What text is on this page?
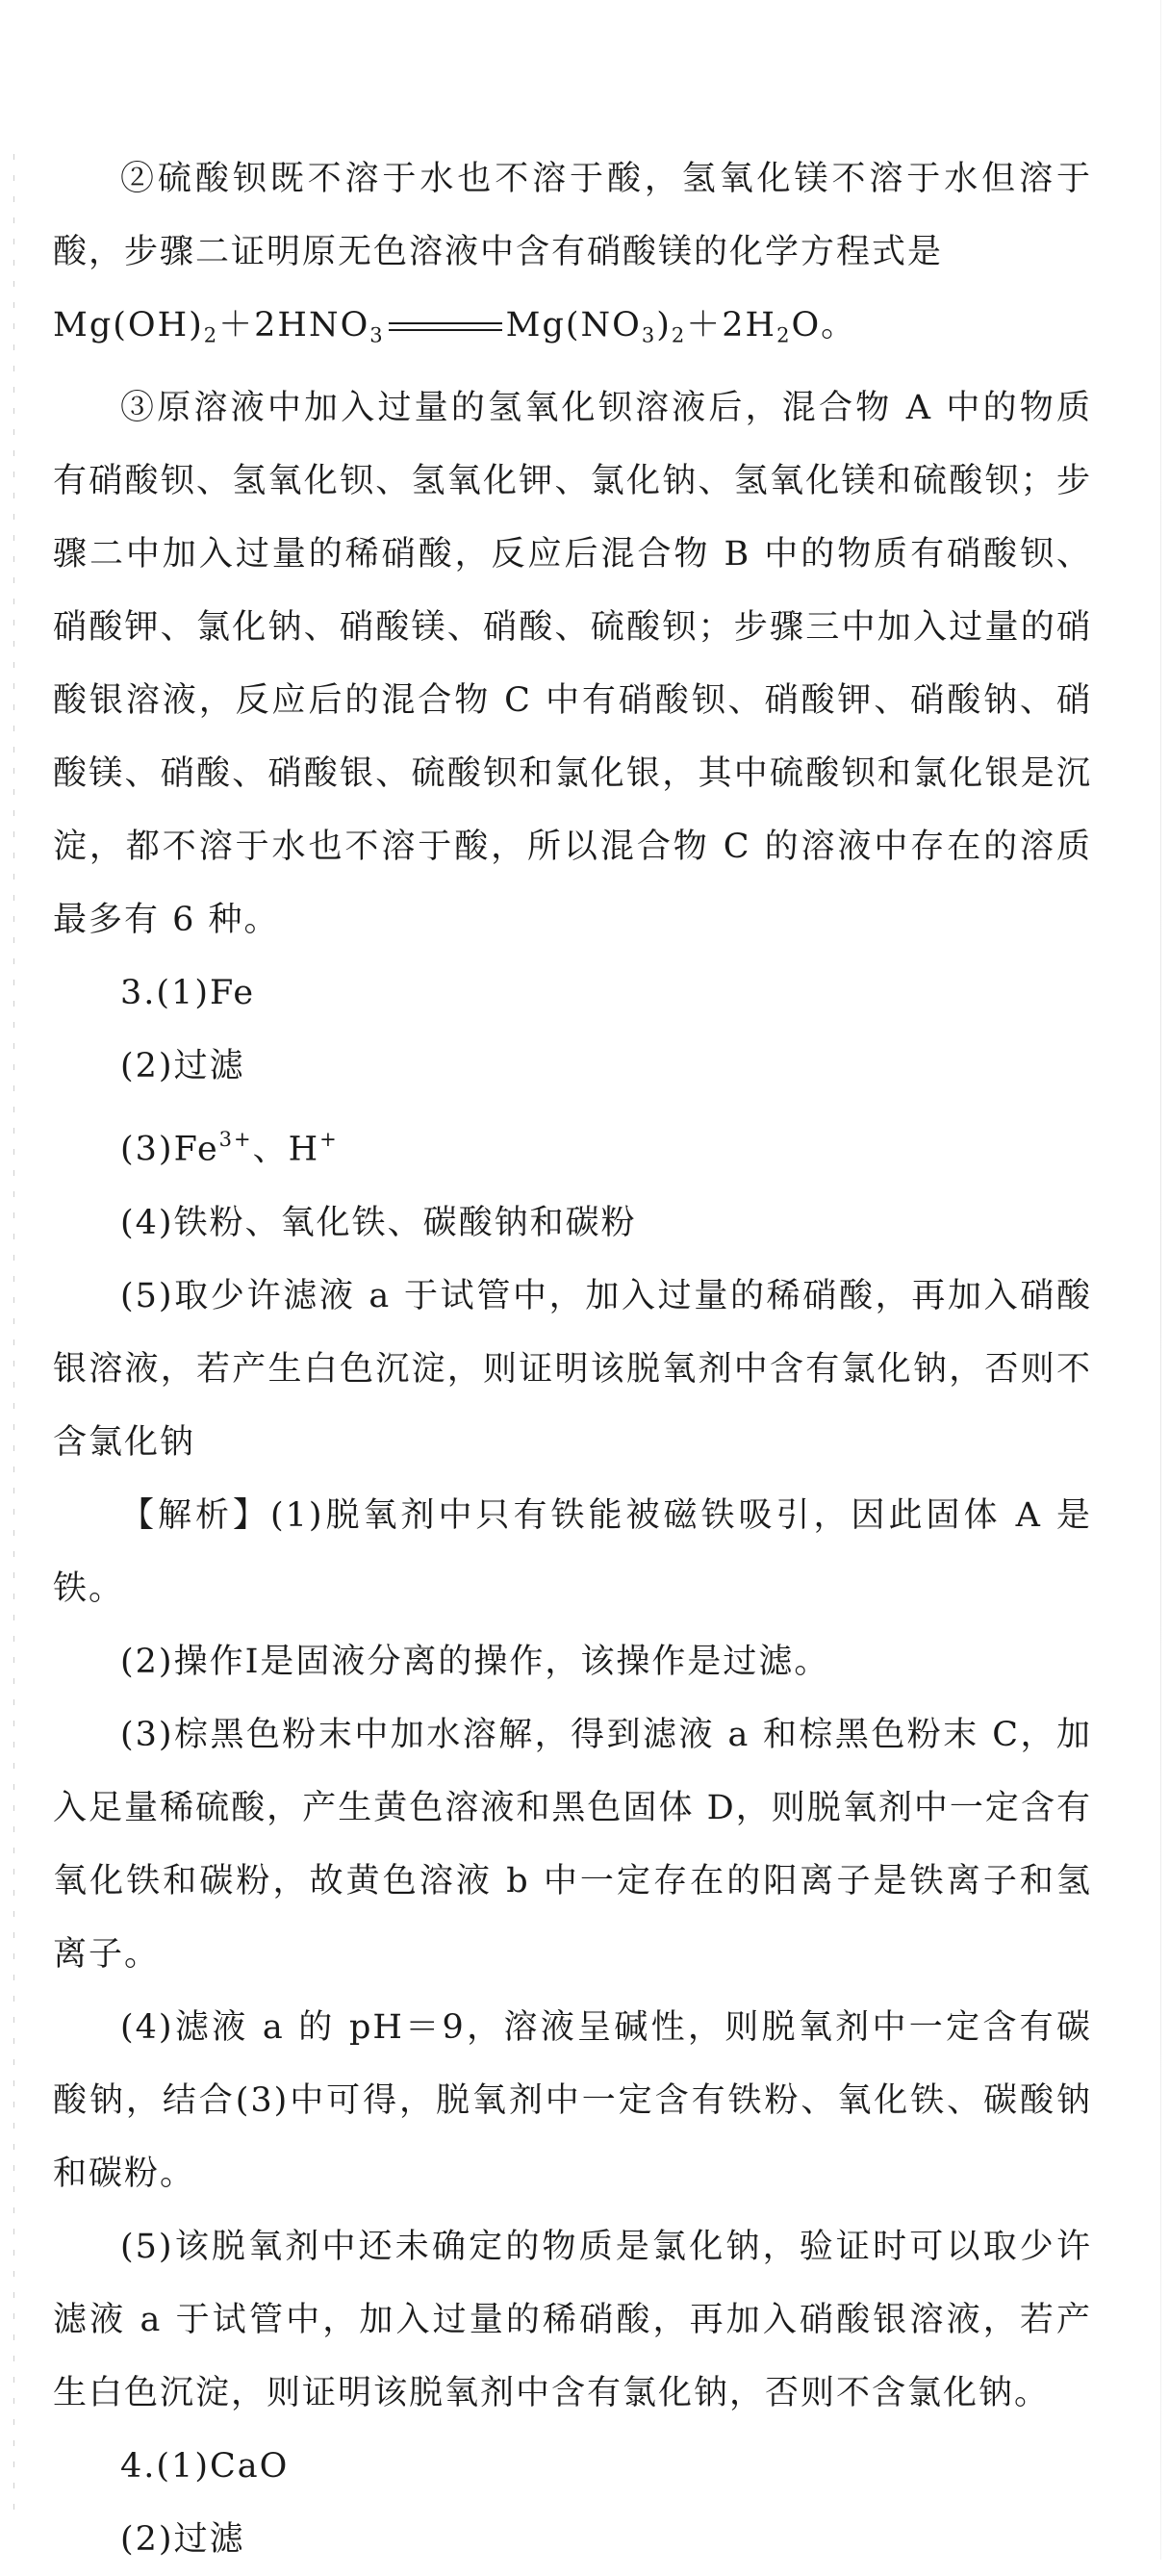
②硫酸钡既不溶于水也不溶于酸，氢氧化镁不溶于水但溶于酸，步骤二证明原无色溶液中含有硝酸镁的化学方程式是

$Mg(OH)_2+2HNO_3$	$Mg(NO_3)_2+2H_2O$。

③原溶液中加入过量的氢氧化钡溶液后，混合物 A 中的物质有硝酸钡、氢氧化钡、氢氧化钾、氯化钠、氢氧化镁和硫酸钡；步骤二中加入过量的稀硝酸，反应后混合物 B 中的物质有硝酸钡、硝酸钾、氯化钠、硝酸镁、硝酸、硫酸钡；步骤三中加入过量的硝酸银溶液，反应后的混合物 C 中有硝酸钡、硝酸钾、硝酸钠、硝酸镁、硝酸、硝酸银、硫酸钡和氯化银，其中硫酸钡和氯化银是沉淀，都不溶于水也不溶于酸，所以混合物 C 的溶液中存在的溶质最多有 6 种。

3.(1)Fe

(2)过滤

$(3)Fe^{3+}$、H+

(4)铁粉、氧化铁、碳酸钠和碳粉

(5)取少许滤液 a 于试管中，加入过量的稀硝酸，再加入硝酸银溶液，若产生白色沉淀，则证明该脱氧剂中含有氯化钠，否则不含氯化钠

【解析】(1)脱氧剂中只有铁能被磁铁吸引，因此固体 A 是铁。

(2)操作Ⅰ是固液分离的操作，该操作是过滤。

(3)棕黑色粉末中加水溶解，得到滤液 a 和棕黑色粉末 C，加入足量稀硫酸，产生黄色溶液和黑色固体 D，则脱氧剂中一定含有氧化铁和碳粉，故黄色溶液 b 中一定存在的阳离子是铁离子和氢离子。

(4)滤液 a 的 pH＝9，溶液呈碱性，则脱氧剂中一定含有碳酸钠，结合(3)中可得，脱氧剂中一定含有铁粉、氧化铁、碳酸钠和碳粉。

(5)该脱氧剂中还未确定的物质是氯化钠，验证时可以取少许滤液 a 于试管中，加入过量的稀硝酸，再加入硝酸银溶液，若产生白色沉淀，则证明该脱氧剂中含有氯化钠，否则不含氯化钠。

4.(1)CaO

(2)过滤
